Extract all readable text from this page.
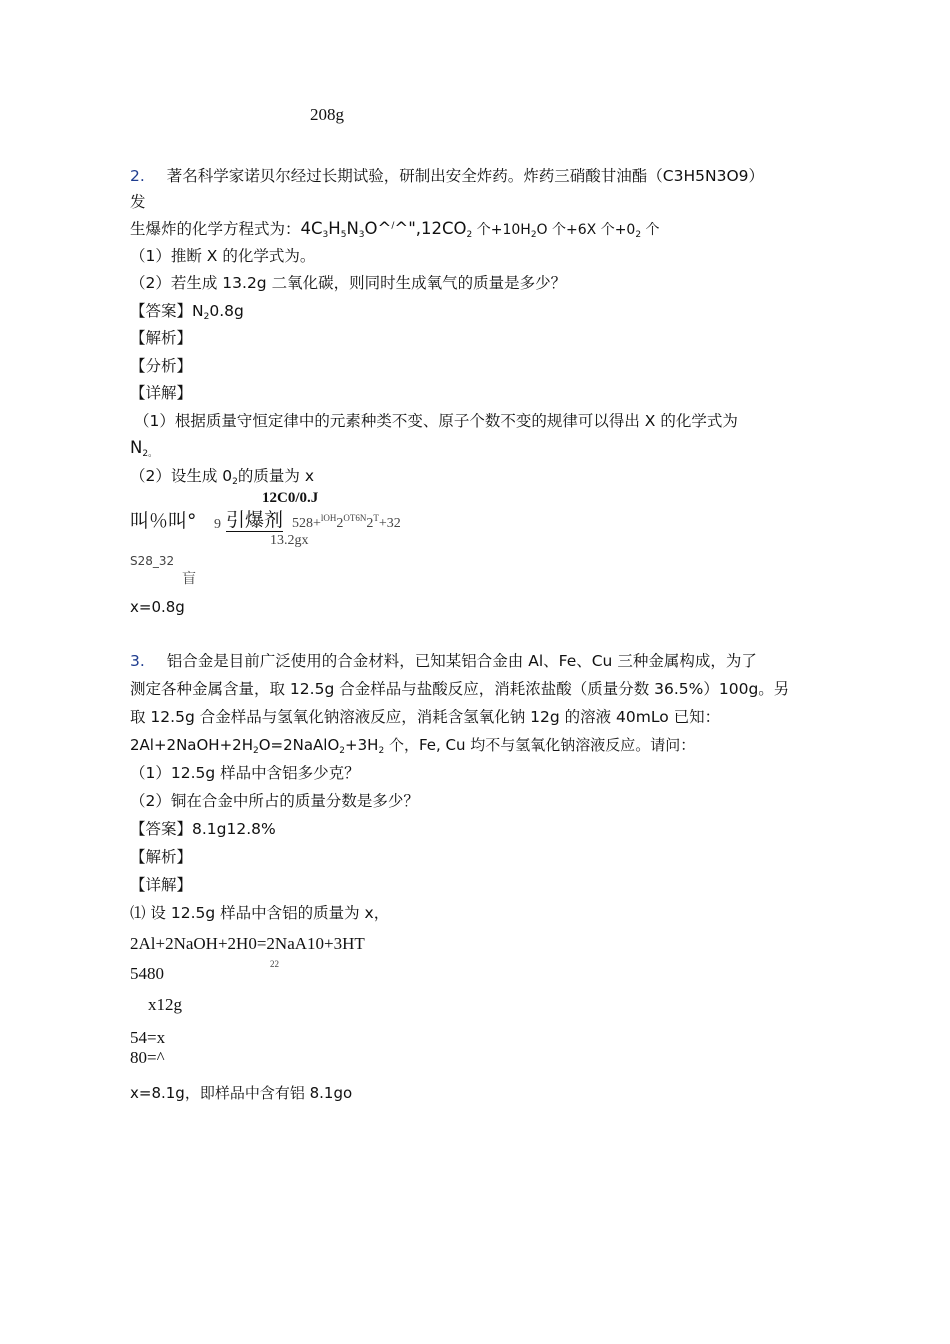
208g
2. 著名科学家诺贝尔经过长期试验，研制出安全炸药。炸药三硝酸甘油酯（C3H5N3O9）
发
生爆炸的化学方程式为：$4C_3H_5N_3O\^{}^/\^{}",12CO_2$ 个$+10H_2O$ 个+6X 个$+0_2$ 个
（1）推断 X 的化学式为。
（2）若生成 13.2g 二氧化碳，则同时生成氧气的质量是多少？
【答案】$N_20.8g$
【解析】
【分析】
【详解】
（1）根据质量守恒定律中的元素种类不变、原子个数不变的规律可以得出 X 的化学式为
$N_{2。}$
（2）设生成 $0_2$的质量为 x
12C0/0.J
叫％叫° 9 引爆剂 $528+^{lOH}2^{OT6N}2^T+32$
13.2gx
S28_32
盲
x=0.8g
3. 铝合金是目前广泛使用的合金材料，已知某铝合金由 Al、Fe、Cu 三种金属构成，为了
测定各种金属含量，取 12.5g 合金样品与盐酸反应，消耗浓盐酸（质量分数 36.5%）100g。另
取 12.5g 合金样品与氢氧化钠溶液反应，消耗含氢氧化钠 12g 的溶液 40mLo 已知：
$2Al+2NaOH+2H_2O=2NaAlO_2+3H_2$ 个，Fe, Cu 均不与氢氧化钠溶液反应。请问：
（1）12.5g 样品中含铝多少克？
（2）铜在合金中所占的质量分数是多少？
【答案】8.1g12.8%
【解析】
【详解】
⑴ 设 12.5g 样品中含铝的质量为 x，
2Al+2NaOH+2H0=2NaA10+3HT
22
5480
x12g
54=x
80=^
x=8.1g，即样品中含有铝 8.1go
